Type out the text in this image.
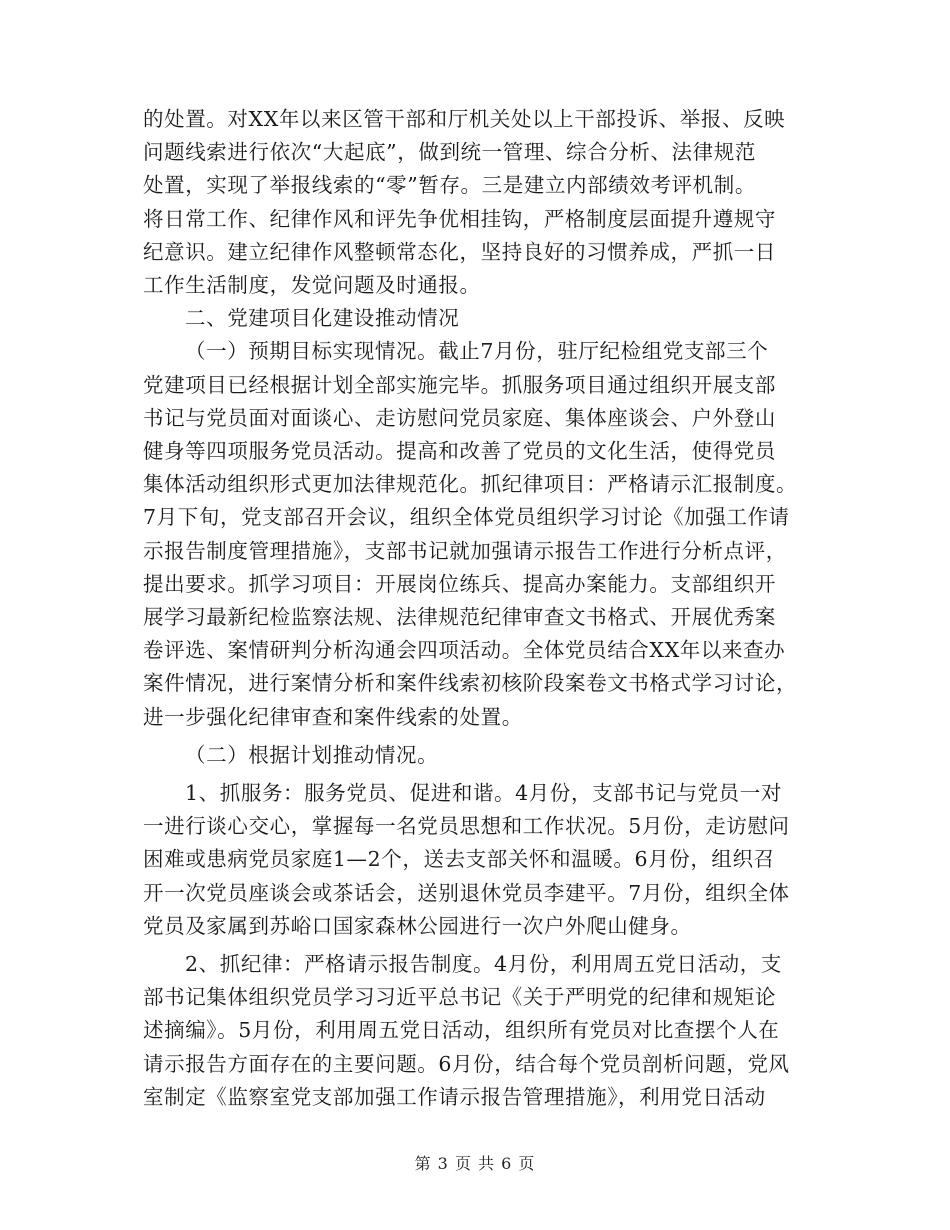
的处置。对XX年以来区管干部和厅机关处以上干部投诉、举报、反映
问题线索进行依次“大起底”，做到统一管理、综合分析、法律规范
处置，实现了举报线索的“零”暂存。三是建立内部绩效考评机制。
将日常工作、纪律作风和评先争优相挂钩，严格制度层面提升遵规守
纪意识。建立纪律作风整顿常态化，坚持良好的习惯养成，严抓一日
工作生活制度，发觉问题及时通报。

二、党建项目化建设推动情况

（一）预期目标实现情况。截止7月份，驻厅纪检组党支部三个
党建项目已经根据计划全部实施完毕。抓服务项目通过组织开展支部
书记与党员面对面谈心、走访慰问党员家庭、集体座谈会、户外登山
健身等四项服务党员活动。提高和改善了党员的文化生活，使得党员
集体活动组织形式更加法律规范化。抓纪律项目：严格请示汇报制度。
7月下旬，党支部召开会议，组织全体党员组织学习讨论《加强工作请
示报告制度管理措施》，支部书记就加强请示报告工作进行分析点评，
提出要求。抓学习项目：开展岗位练兵、提高办案能力。支部组织开
展学习最新纪检监察法规、法律规范纪律审查文书格式、开展优秀案
卷评选、案情研判分析沟通会四项活动。全体党员结合XX年以来查办
案件情况，进行案情分析和案件线索初核阶段案卷文书格式学习讨论，
进一步强化纪律审查和案件线索的处置。

（二）根据计划推动情况。

1、抓服务：服务党员、促进和谐。4月份，支部书记与党员一对
一进行谈心交心，掌握每一名党员思想和工作状况。5月份，走访慰问
困难或患病党员家庭1—2个，送去支部关怀和温暖。6月份，组织召
开一次党员座谈会或茶话会，送别退休党员李建平。7月份，组织全体
党员及家属到苏峪口国家森林公园进行一次户外爬山健身。

2、抓纪律：严格请示报告制度。4月份，利用周五党日活动，支
部书记集体组织党员学习习近平总书记《关于严明党的纪律和规矩论
述摘编》。5月份，利用周五党日活动，组织所有党员对比查摆个人在
请示报告方面存在的主要问题。6月份，结合每个党员剖析问题，党风
室制定《监察室党支部加强工作请示报告管理措施》，利用党日活动

第 3 页 共 6 页
